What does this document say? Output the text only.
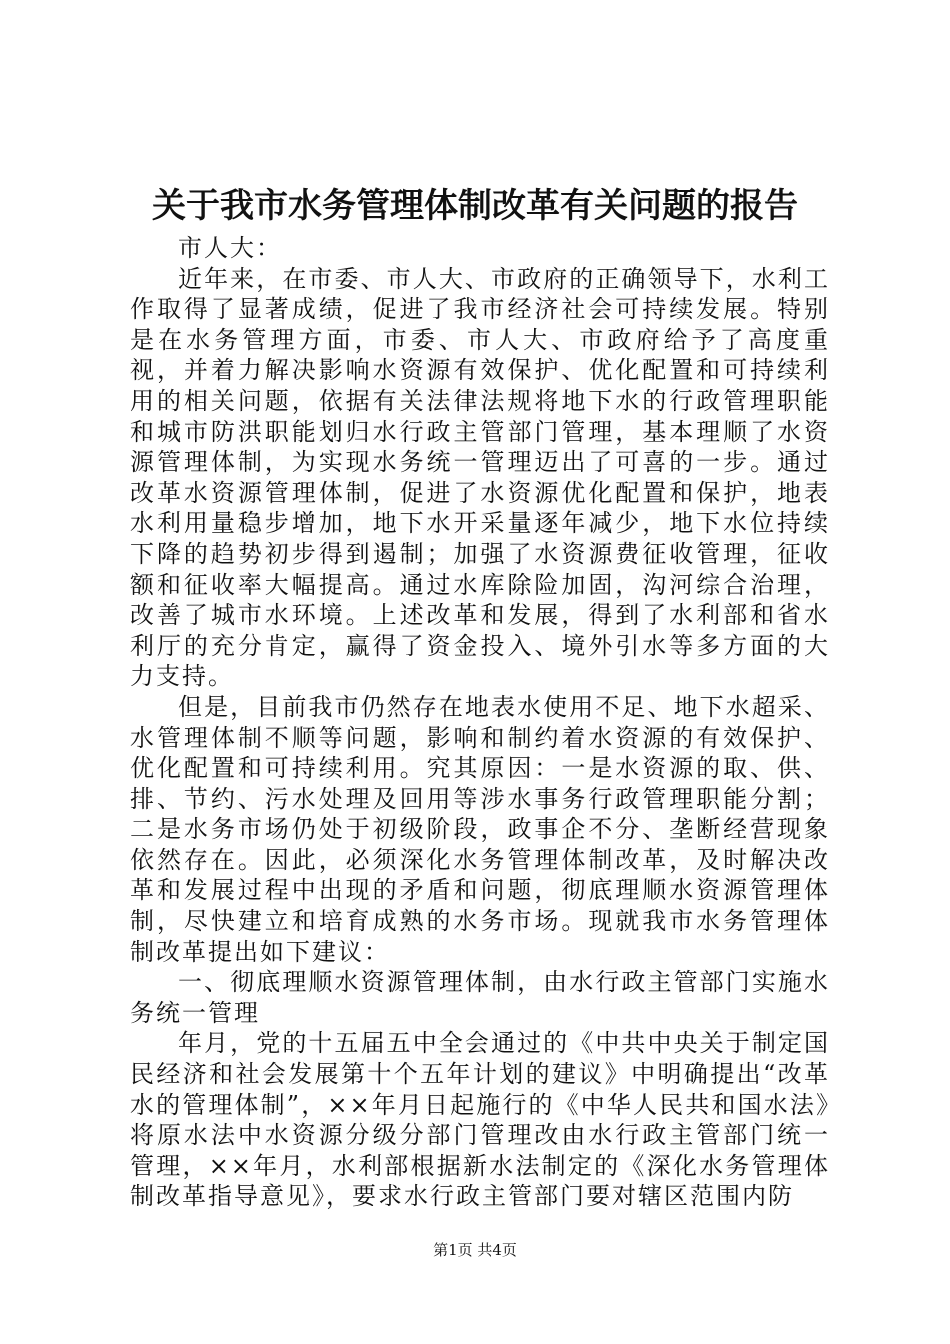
关于我市水务管理体制改革有关问题的报告

市人大：

近年来，在市委、市人大、市政府的正确领导下，水利工作取得了显著成绩，促进了我市经济社会可持续发展。特别是在水务管理方面，市委、市人大、市政府给予了高度重视，并着力解决影响水资源有效保护、优化配置和可持续利用的相关问题，依据有关法律法规将地下水的行政管理职能和城市防洪职能划归水行政主管部门管理，基本理顺了水资源管理体制，为实现水务统一管理迈出了可喜的一步。通过改革水资源管理体制，促进了水资源优化配置和保护，地表水利用量稳步增加，地下水开采量逐年减少，地下水位持续下降的趋势初步得到遏制；加强了水资源费征收管理，征收额和征收率大幅提高。通过水库除险加固，沟河综合治理，改善了城市水环境。上述改革和发展，得到了水利部和省水利厅的充分肯定，赢得了资金投入、境外引水等多方面的大力支持。

但是，目前我市仍然存在地表水使用不足、地下水超采、水管理体制不顺等问题，影响和制约着水资源的有效保护、优化配置和可持续利用。究其原因：一是水资源的取、供、排、节约、污水处理及回用等涉水事务行政管理职能分割；二是水务市场仍处于初级阶段，政事企不分、垄断经营现象依然存在。因此，必须深化水务管理体制改革，及时解决改革和发展过程中出现的矛盾和问题，彻底理顺水资源管理体制，尽快建立和培育成熟的水务市场。现就我市水务管理体制改革提出如下建议：

一、彻底理顺水资源管理体制，由水行政主管部门实施水务统一管理

年月，党的十五届五中全会通过的《中共中央关于制定国民经济和社会发展第十个五年计划的建议》中明确提出“改革水的管理体制”，××年月日起施行的《中华人民共和国水法》将原水法中水资源分级分部门管理改由水行政主管部门统一管理，××年月，水利部根据新水法制定的《深化水务管理体制改革指导意见》，要求水行政主管部门要对辖区范围内防

第1页 共4页
